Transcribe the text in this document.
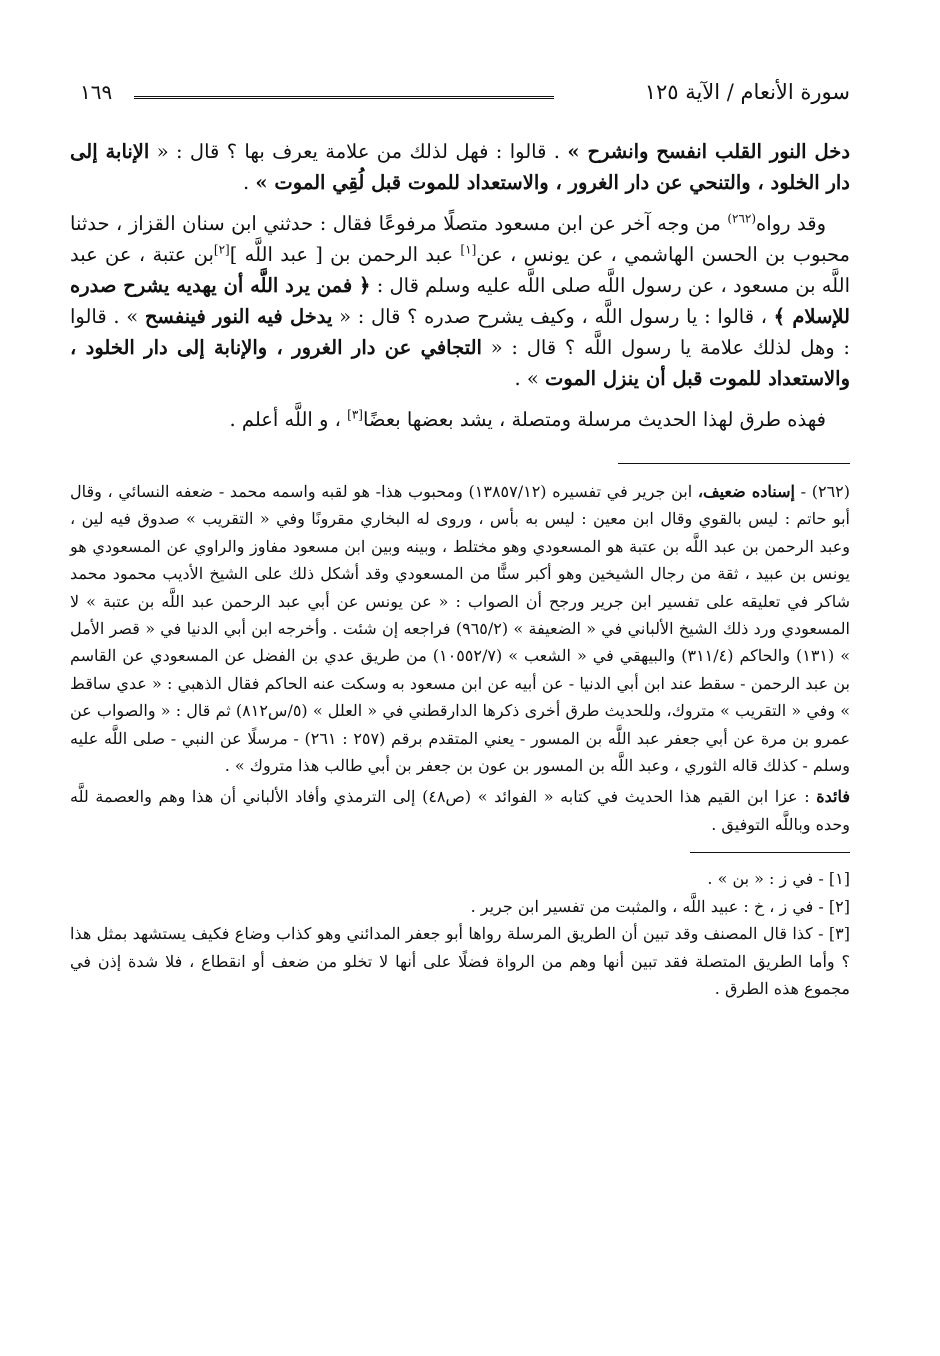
سورة الأنعام / الآية ١٢٥
١٦٩

دخل النور القلب انفسح وانشرح » . قالوا : فهل لذلك من علامة يعرف بها ؟ قال : « الإنابة إلى دار الخلود ، والتنحي عن دار الغرور ، والاستعداد للموت قبل لُقِي الموت » .

وقد رواه$^{(٢٦٢)}$ من وجه آخر عن ابن مسعود متصلًا مرفوعًا فقال : حدثني ابن سنان القزاز ، حدثنا محبوب بن الحسن الهاشمي ، عن يونس ، عن[١] عبد الرحمن بن [ عبد اللَّه ][٢]بن عتبة ، عن عبد اللَّه بن مسعود ، عن رسول اللَّه صلى اللَّه عليه وسلم قال : ﴿ فمن يرد اللَّه أن يهديه يشرح صدره للإسلام ﴾ ، قالوا : يا رسول اللَّه ، وكيف يشرح صدره ؟ قال : « يدخل فيه النور فينفسح » . قالوا : وهل لذلك علامة يا رسول اللَّه ؟ قال : « التجافي عن دار الغرور ، والإنابة إلى دار الخلود ، والاستعداد للموت قبل أن ينزل الموت » .

فهذه طرق لهذا الحديث مرسلة ومتصلة ، يشد بعضها بعضًا[٣] ، و اللَّه أعلم .

(٢٦٢) - إسناده ضعيف، ابن جرير في تفسيره (١٣٨٥٧/١٢) ومحبوب هذا- هو لقبه واسمه محمد - ضعفه النسائي ، وقال أبو حاتم : ليس بالقوي وقال ابن معين : ليس به بأس ، وروى له البخاري مقرونًا وفي « التقريب » صدوق فيه لين ، وعبد الرحمن بن عبد اللَّه بن عتبة هو المسعودي وهو مختلط ، وبينه وبين ابن مسعود مفاوز والراوي عن المسعودي هو يونس بن عبيد ، ثقة من رجال الشيخين وهو أكبر سنًّا من المسعودي وقد أشكل ذلك على الشيخ الأديب محمود محمد شاكر في تعليقه على تفسير ابن جرير ورجح أن الصواب : « عن يونس عن أبي عبد الرحمن عبد اللَّه بن عتبة » لا المسعودي ورد ذلك الشيخ الألباني في « الضعيفة » (٩٦٥/٢) فراجعه إن شئت . وأخرجه ابن أبي الدنيا في « قصر الأمل » (١٣١) والحاكم (٣١١/٤) والبيهقي في « الشعب » (١٠٥٥٢/٧) من طريق عدي بن الفضل عن المسعودي عن القاسم بن عبد الرحمن - سقط عند ابن أبي الدنيا - عن أبيه عن ابن مسعود به وسكت عنه الحاكم فقال الذهبي : « عدي ساقط » وفي « التقريب » متروك، وللحديث طرق أخرى ذكرها الدارقطني في « العلل » (٥/س٨١٢) ثم قال : « والصواب عن عمرو بن مرة عن أبي جعفر عبد اللَّه بن المسور - يعني المتقدم برقم (٢٥٧ : ٢٦١) - مرسلًا عن النبي - صلى اللَّه عليه وسلم - كذلك قاله الثوري ، وعبد اللَّه بن المسور بن عون بن جعفر بن أبي طالب هذا متروك » .

فائدة : عزا ابن القيم هذا الحديث في كتابه « الفوائد » (ص٤٨) إلى الترمذي وأفاد الألباني أن هذا وهم والعصمة للَّه وحده وباللَّه التوفيق .

[١] - في ز : « بن » .

[٢] - في ز ، خ : عبيد اللَّه ، والمثبت من تفسير ابن جرير .

[٣] - كذا قال المصنف وقد تبين أن الطريق المرسلة رواها أبو جعفر المدائني وهو كذاب وضاع فكيف يستشهد بمثل هذا ؟ وأما الطريق المتصلة فقد تبين أنها وهم من الرواة فضلًا على أنها لا تخلو من ضعف أو انقطاع ، فلا شدة إذن في مجموع هذه الطرق .
